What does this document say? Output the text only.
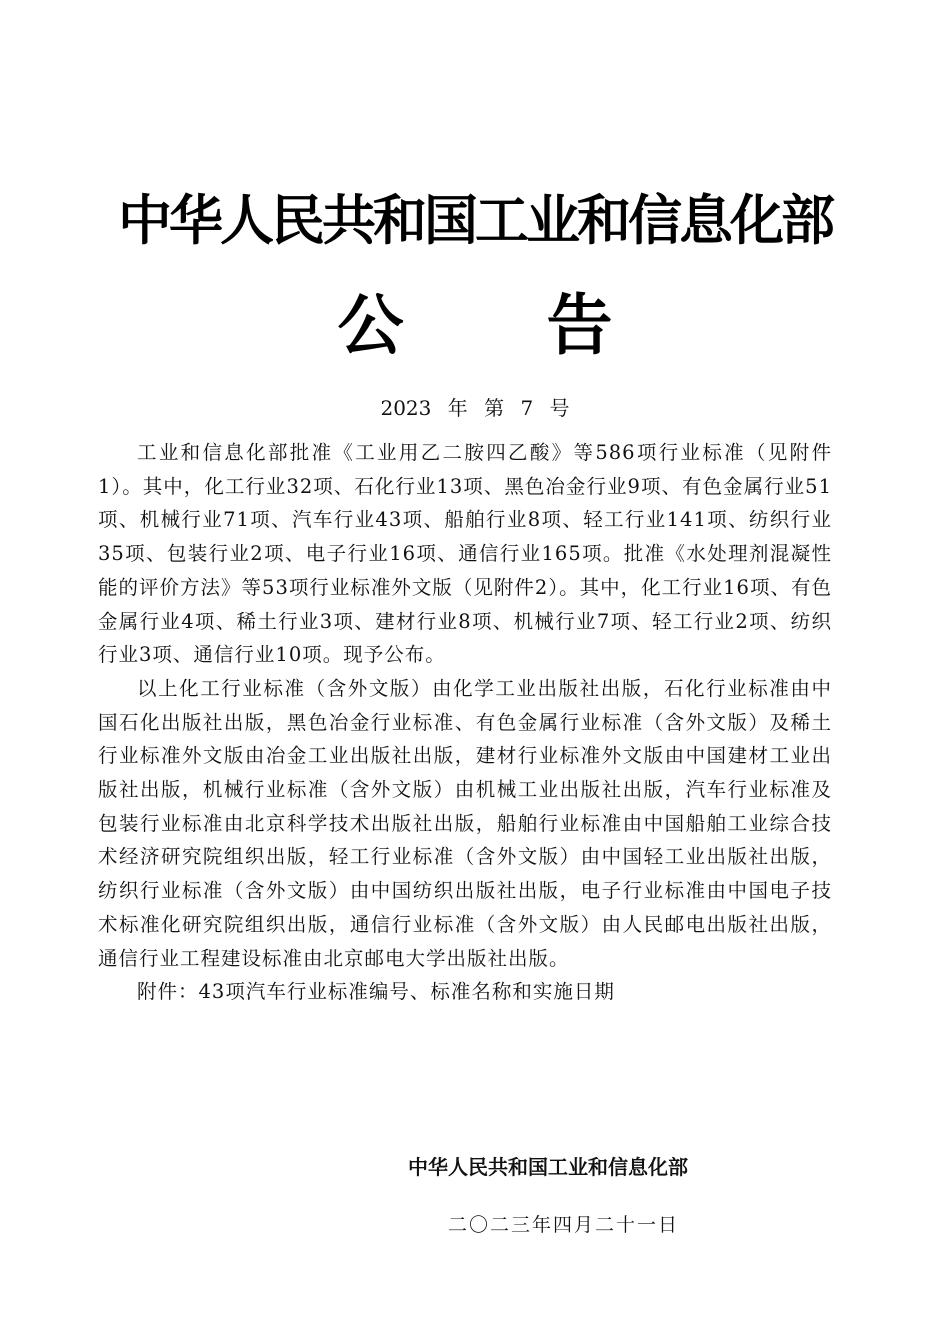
中华人民共和国工业和信息化部
公 告
2023 年 第 7 号

工业和信息化部批准《工业用乙二胺四乙酸》等586项行业标准（见附件1）。其中，化工行业32项、石化行业13项、黑色冶金行业9项、有色金属行业51项、机械行业71项、汽车行业43项、船舶行业8项、轻工行业141项、纺织行业35项、包装行业2项、电子行业16项、通信行业165项。批准《水处理剂混凝性能的评价方法》等53项行业标准外文版（见附件2）。其中，化工行业16项、有色金属行业4项、稀土行业3项、建材行业8项、机械行业7项、轻工行业2项、纺织行业3项、通信行业10项。现予公布。

以上化工行业标准（含外文版）由化学工业出版社出版，石化行业标准由中国石化出版社出版，黑色冶金行业标准、有色金属行业标准（含外文版）及稀土行业标准外文版由冶金工业出版社出版，建材行业标准外文版由中国建材工业出版社出版，机械行业标准（含外文版）由机械工业出版社出版，汽车行业标准及包装行业标准由北京科学技术出版社出版，船舶行业标准由中国船舶工业综合技术经济研究院组织出版，轻工行业标准（含外文版）由中国轻工业出版社出版，纺织行业标准（含外文版）由中国纺织出版社出版，电子行业标准由中国电子技术标准化研究院组织出版，通信行业标准（含外文版）由人民邮电出版社出版，通信行业工程建设标准由北京邮电大学出版社出版。

附件：43项汽车行业标准编号、标准名称和实施日期

中华人民共和国工业和信息化部
二〇二三年四月二十一日
